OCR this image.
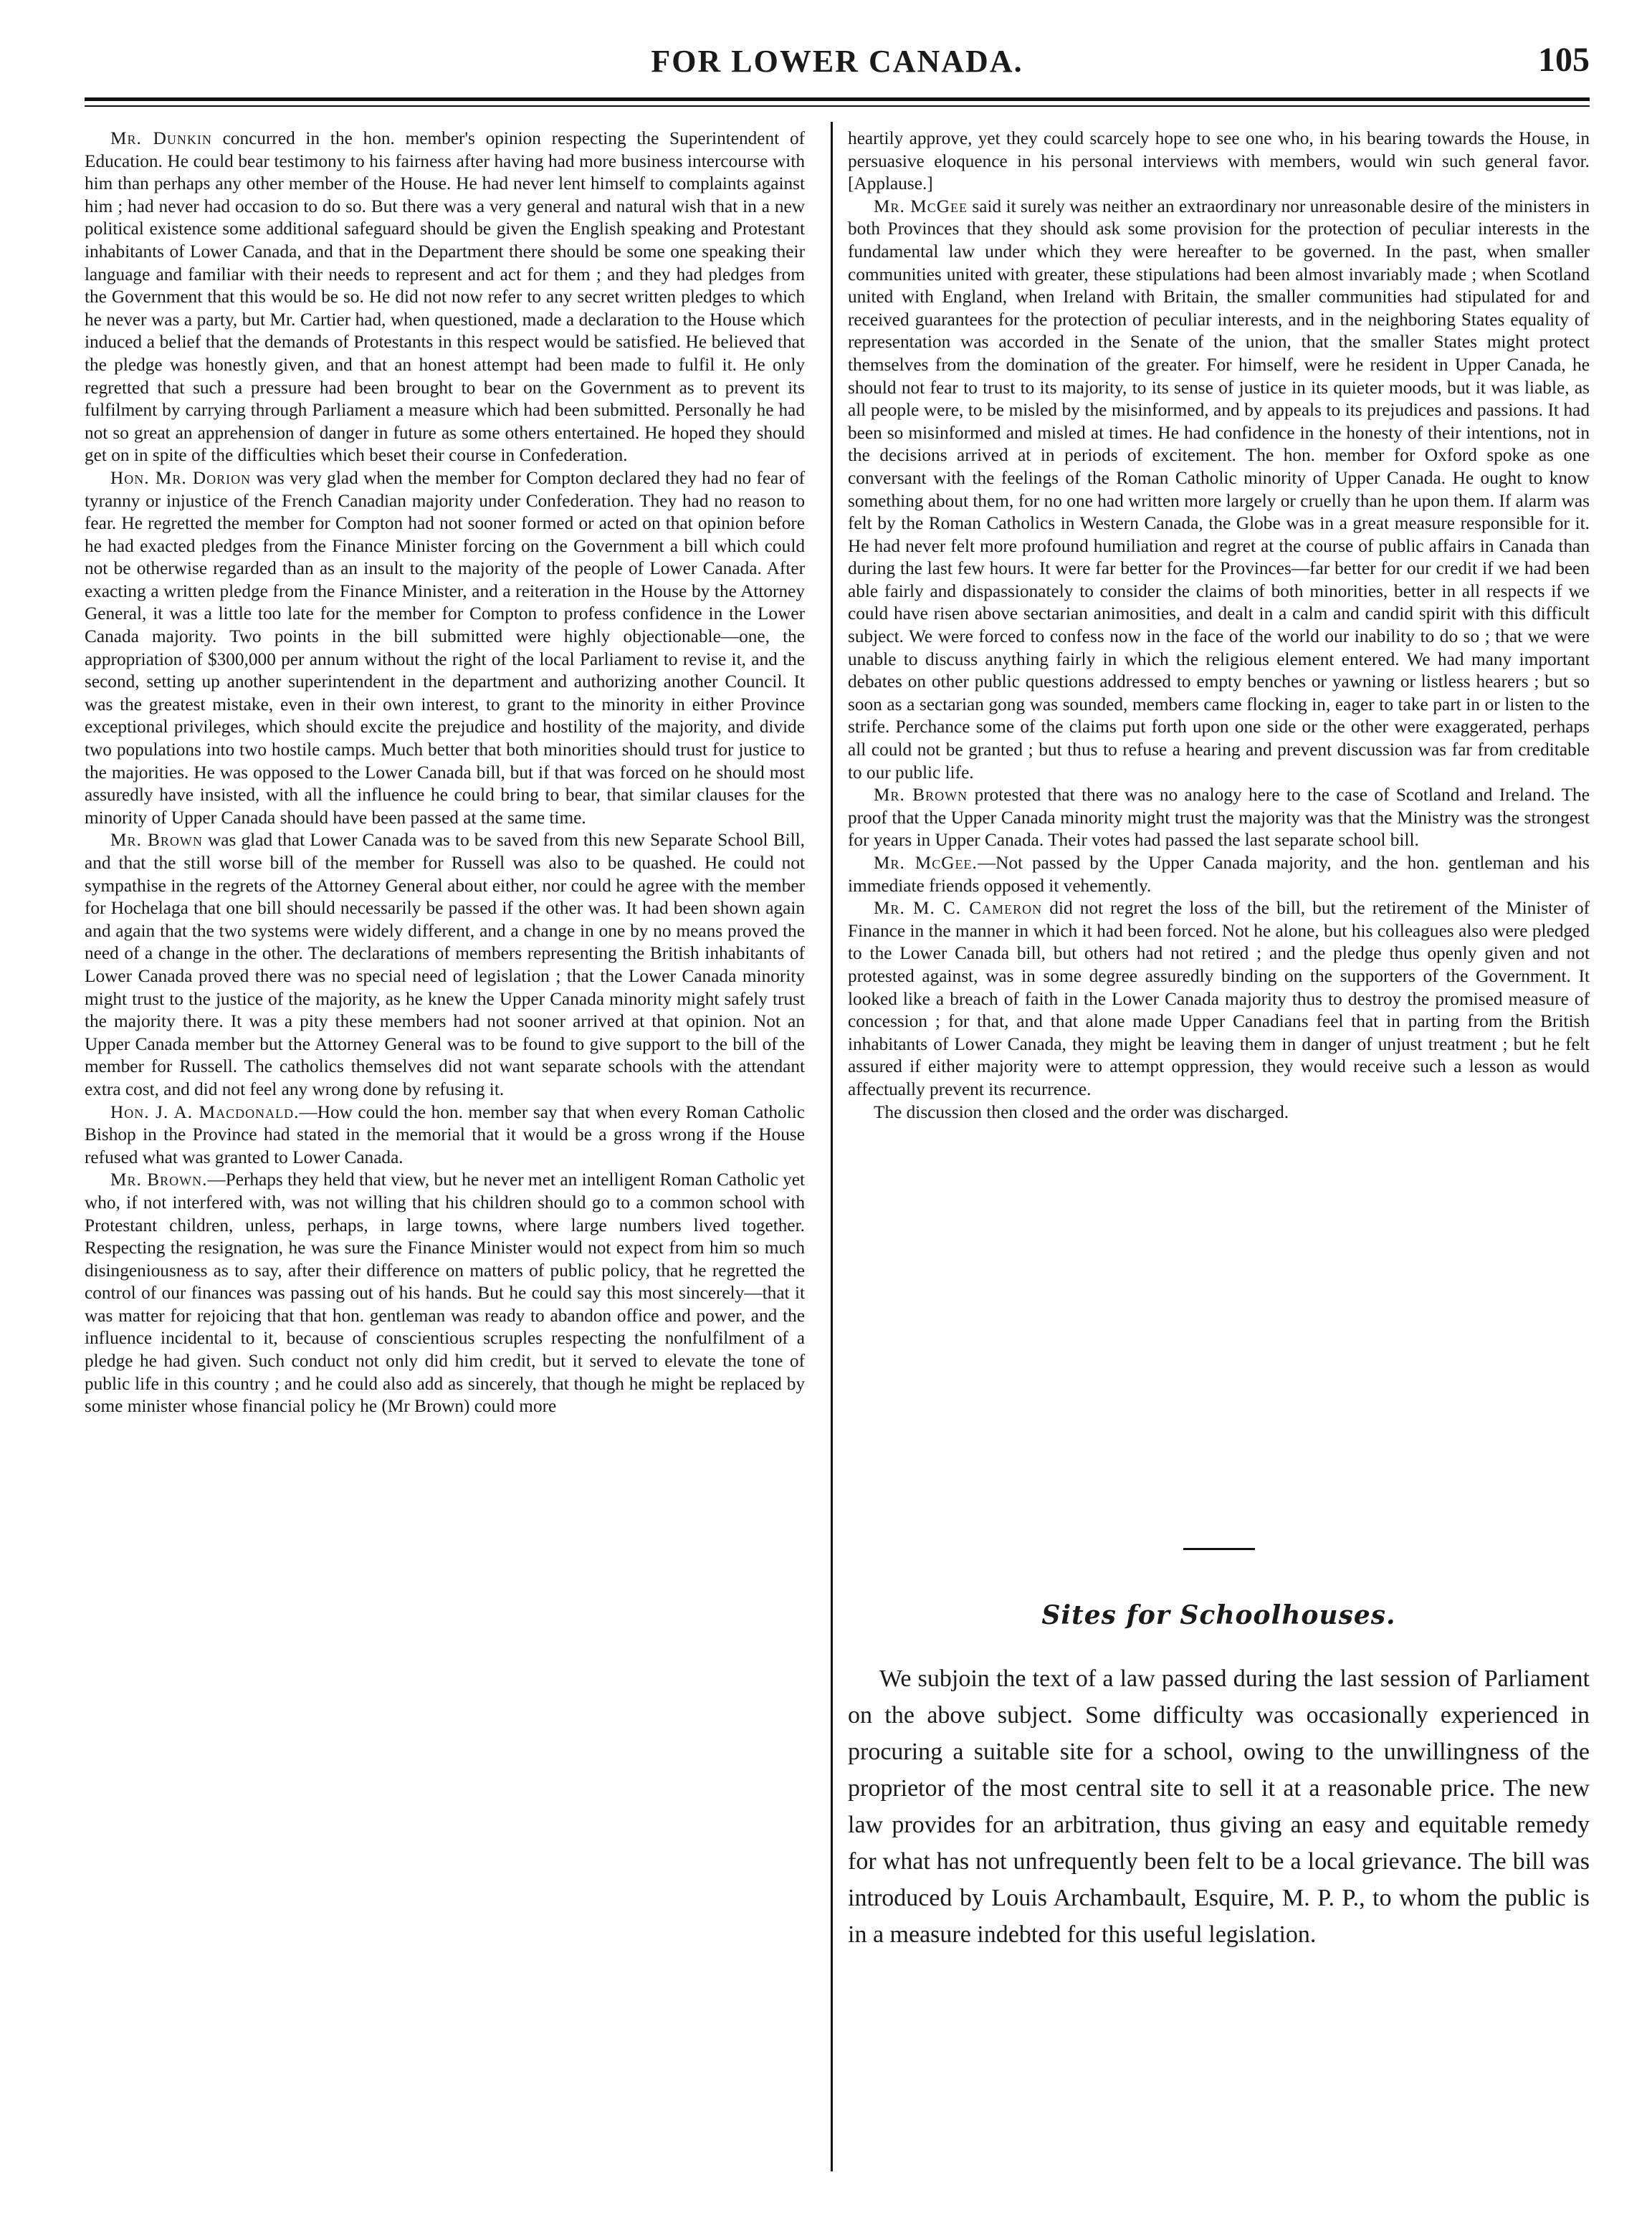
FOR LOWER CANADA.	105

Mr. Dunkin concurred in the hon. member's opinion respecting the Superintendent of Education. He could bear testimony to his fairness after having had more business intercourse with him than perhaps any other member of the House. He had never lent himself to complaints against him ; had never had occasion to do so. But there was a very general and natural wish that in a new political existence some additional safeguard should be given the English speaking and Protestant inhabitants of Lower Canada, and that in the Department there should be some one speaking their language and familiar with their needs to represent and act for them ; and they had pledges from the Government that this would be so. He did not now refer to any secret written pledges to which he never was a party, but Mr. Cartier had, when questioned, made a declaration to the House which induced a belief that the demands of Protestants in this respect would be satisfied. He believed that the pledge was honestly given, and that an honest attempt had been made to fulfil it. He only regretted that such a pressure had been brought to bear on the Government as to prevent its fulfilment by carrying through Parliament a measure which had been submitted. Personally he had not so great an apprehension of danger in future as some others entertained. He hoped they should get on in spite of the difficulties which beset their course in Confederation.

Hon. Mr. Dorion was very glad when the member for Compton declared they had no fear of tyranny or injustice of the French Canadian majority under Confederation. They had no reason to fear. He regretted the member for Compton had not sooner formed or acted on that opinion before he had exacted pledges from the Finance Minister forcing on the Government a bill which could not be otherwise regarded than as an insult to the majority of the people of Lower Canada. After exacting a written pledge from the Finance Minister, and a reiteration in the House by the Attorney General, it was a little too late for the member for Compton to profess confidence in the Lower Canada majority. Two points in the bill submitted were highly objectionable—one, the appropriation of $300,000 per annum without the right of the local Parliament to revise it, and the second, setting up another superintendent in the department and authorizing another Council. It was the greatest mistake, even in their own interest, to grant to the minority in either Province exceptional privileges, which should excite the prejudice and hostility of the majority, and divide two populations into two hostile camps. Much better that both minorities should trust for justice to the majorities. He was opposed to the Lower Canada bill, but if that was forced on he should most assuredly have insisted, with all the influence he could bring to bear, that similar clauses for the minority of Upper Canada should have been passed at the same time.

Mr. Brown was glad that Lower Canada was to be saved from this new Separate School Bill, and that the still worse bill of the member for Russell was also to be quashed. He could not sympathise in the regrets of the Attorney General about either, nor could he agree with the member for Hochelaga that one bill should necessarily be passed if the other was. It had been shown again and again that the two systems were widely different, and a change in one by no means proved the need of a change in the other. The declarations of members representing the British inhabitants of Lower Canada proved there was no special need of legislation ; that the Lower Canada minority might trust to the justice of the majority, as he knew the Upper Canada minority might safely trust the majority there. It was a pity these members had not sooner arrived at that opinion. Not an Upper Canada member but the Attorney General was to be found to give support to the bill of the member for Russell. The catholics themselves did not want separate schools with the attendant extra cost, and did not feel any wrong done by refusing it.

Hon. J. A. Macdonald.—How could the hon. member say that when every Roman Catholic Bishop in the Province had stated in the memorial that it would be a gross wrong if the House refused what was granted to Lower Canada.

Mr. Brown.—Perhaps they held that view, but he never met an intelligent Roman Catholic yet who, if not interfered with, was not willing that his children should go to a common school with Protestant children, unless, perhaps, in large towns, where large numbers lived together. Respecting the resignation, he was sure the Finance Minister would not expect from him so much disingeniousness as to say, after their difference on matters of public policy, that he regretted the control of our finances was passing out of his hands. But he could say this most sincerely—that it was matter for rejoicing that that hon. gentleman was ready to abandon office and power, and the influence incidental to it, because of conscientious scruples respecting the nonfulfilment of a pledge he had given. Such conduct not only did him credit, but it served to elevate the tone of public life in this country ; and he could also add as sincerely, that though he might be replaced by some minister whose financial policy he (Mr Brown) could more

heartily approve, yet they could scarcely hope to see one who, in his bearing towards the House, in persuasive eloquence in his personal interviews with members, would win such general favor. [Applause.]

Mr. McGee said it surely was neither an extraordinary nor unreasonable desire of the ministers in both Provinces that they should ask some provision for the protection of peculiar interests in the fundamental law under which they were hereafter to be governed. In the past, when smaller communities united with greater, these stipulations had been almost invariably made ; when Scotland united with England, when Ireland with Britain, the smaller communities had stipulated for and received guarantees for the protection of peculiar interests, and in the neighboring States equality of representation was accorded in the Senate of the union, that the smaller States might protect themselves from the domination of the greater. For himself, were he resident in Upper Canada, he should not fear to trust to its majority, to its sense of justice in its quieter moods, but it was liable, as all people were, to be misled by the misinformed, and by appeals to its prejudices and passions. It had been so misinformed and misled at times. He had confidence in the honesty of their intentions, not in the decisions arrived at in periods of excitement. The hon. member for Oxford spoke as one conversant with the feelings of the Roman Catholic minority of Upper Canada. He ought to know something about them, for no one had written more largely or cruelly than he upon them. If alarm was felt by the Roman Catholics in Western Canada, the Globe was in a great measure responsible for it. He had never felt more profound humiliation and regret at the course of public affairs in Canada than during the last few hours. It were far better for the Provinces—far better for our credit if we had been able fairly and dispassionately to consider the claims of both minorities, better in all respects if we could have risen above sectarian animosities, and dealt in a calm and candid spirit with this difficult subject. We were forced to confess now in the face of the world our inability to do so ; that we were unable to discuss anything fairly in which the religious element entered. We had many important debates on other public questions addressed to empty benches or yawning or listless hearers ; but so soon as a sectarian gong was sounded, members came flocking in, eager to take part in or listen to the strife. Perchance some of the claims put forth upon one side or the other were exaggerated, perhaps all could not be granted ; but thus to refuse a hearing and prevent discussion was far from creditable to our public life.

Mr. Brown protested that there was no analogy here to the case of Scotland and Ireland. The proof that the Upper Canada minority might trust the majority was that the Ministry was the strongest for years in Upper Canada. Their votes had passed the last separate school bill.

Mr. McGee.—Not passed by the Upper Canada majority, and the hon. gentleman and his immediate friends opposed it vehemently.

Mr. M. C. Cameron did not regret the loss of the bill, but the retirement of the Minister of Finance in the manner in which it had been forced. Not he alone, but his colleagues also were pledged to the Lower Canada bill, but others had not retired ; and the pledge thus openly given and not protested against, was in some degree assuredly binding on the supporters of the Government. It looked like a breach of faith in the Lower Canada majority thus to destroy the promised measure of concession ; for that, and that alone made Upper Canadians feel that in parting from the British inhabitants of Lower Canada, they might be leaving them in danger of unjust treatment ; but he felt assured if either majority were to attempt oppression, they would receive such a lesson as would affectually prevent its recurrence.

The discussion then closed and the order was discharged.

Sites for Schoolhouses.
We subjoin the text of a law passed during the last session of Parliament on the above subject. Some difficulty was occasionally experienced in procuring a suitable site for a school, owing to the unwillingness of the proprietor of the most central site to sell it at a reasonable price. The new law provides for an arbitration, thus giving an easy and equitable remedy for what has not unfrequently been felt to be a local grievance. The bill was introduced by Louis Archambault, Esquire, M. P. P., to whom the public is in a measure indebted for this useful legislation.
